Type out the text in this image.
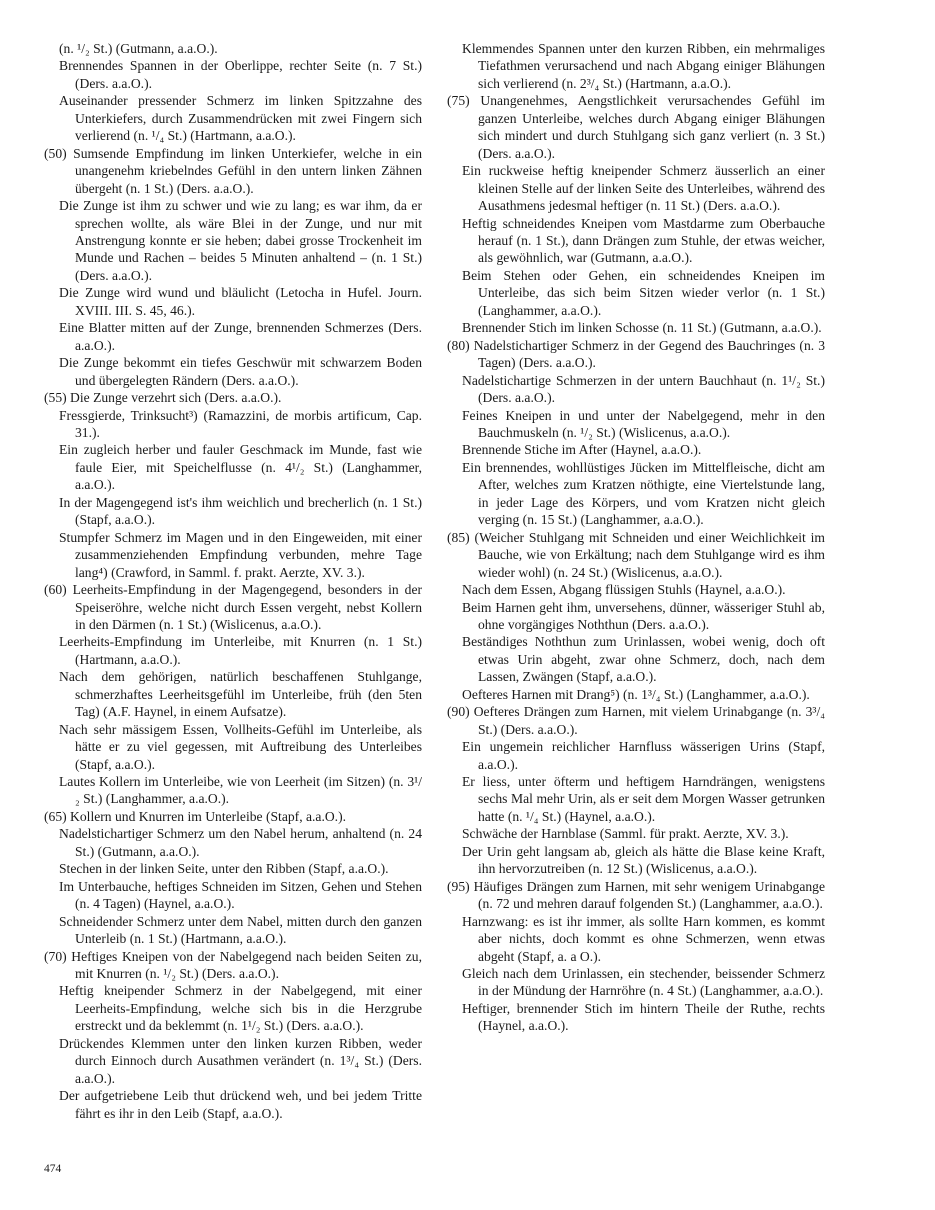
(n. ¹/₂ St.) (Gutmann, a.a.O.).
Brennendes Spannen in der Oberlippe, rechter Seite (n. 7 St.) (Ders. a.a.O.).
Auseinander pressender Schmerz im linken Spitzzahne des Unterkiefers, durch Zusammendrücken mit zwei Fingern sich verlierend (n. ¹/₄ St.) (Hartmann, a.a.O.).
(50) Sumsende Empfindung im linken Unterkiefer, welche in ein unangenehm kriebelndes Gefühl in den untern linken Zähnen übergeht (n. 1 St.) (Ders. a.a.O.).
Die Zunge ist ihm zu schwer und wie zu lang; es war ihm, da er sprechen wollte, als wäre Blei in der Zunge, und nur mit Anstrengung konnte er sie heben; dabei grosse Trockenheit im Munde und Rachen – beides 5 Minuten anhaltend – (n. 1 St.) (Ders. a.a.O.).
Die Zunge wird wund und bläulicht (Letocha in Hufel. Journ. XVIII. III. S. 45, 46.).
Eine Blatter mitten auf der Zunge, brennenden Schmerzes (Ders. a.a.O.).
Die Zunge bekommt ein tiefes Geschwür mit schwarzem Boden und übergelegten Rändern (Ders. a.a.O.).
(55) Die Zunge verzehrt sich (Ders. a.a.O.).
Fressgierde, Trinksucht³) (Ramazzini, de morbis artificum, Cap. 31.).
Ein zugleich herber und fauler Geschmack im Munde, fast wie faule Eier, mit Speichelflusse (n. 4¹/₂ St.) (Langhammer, a.a.O.).
In der Magengegend ist's ihm weichlich und brecherlich (n. 1 St.) (Stapf, a.a.O.).
Stumpfer Schmerz im Magen und in den Eingeweiden, mit einer zusammenziehenden Empfindung verbunden, mehre Tage lang⁴) (Crawford, in Samml. f. prakt. Aerzte, XV. 3.).
(60) Leerheits-Empfindung in der Magengegend, besonders in der Speiseröhre, welche nicht durch Essen vergeht, nebst Kollern in den Därmen (n. 1 St.) (Wislicenus, a.a.O.).
Leerheits-Empfindung im Unterleibe, mit Knurren (n. 1 St.) (Hartmann, a.a.O.).
Nach dem gehörigen, natürlich beschaffenen Stuhlgange, schmerzhaftes Leerheitsgefühl im Unterleibe, früh (den 5ten Tag) (A.F. Haynel, in einem Aufsatze).
Nach sehr mässigem Essen, Vollheits-Gefühl im Unterleibe, als hätte er zu viel gegessen, mit Auftreibung des Unterleibes (Stapf, a.a.O.).
Lautes Kollern im Unterleibe, wie von Leerheit (im Sitzen) (n. 3¹/₂ St.) (Langhammer, a.a.O.).
(65) Kollern und Knurren im Unterleibe (Stapf, a.a.O.).
Nadelstichartiger Schmerz um den Nabel herum, anhaltend (n. 24 St.) (Gutmann, a.a.O.).
Stechen in der linken Seite, unter den Ribben (Stapf, a.a.O.).
Im Unterbauche, heftiges Schneiden im Sitzen, Gehen und Stehen (n. 4 Tagen) (Haynel, a.a.O.).
Schneidender Schmerz unter dem Nabel, mitten durch den ganzen Unterleib (n. 1 St.) (Hartmann, a.a.O.).
(70) Heftiges Kneipen von der Nabelgegend nach beiden Seiten zu, mit Knurren (n. ¹/₂ St.) (Ders. a.a.O.).
Heftig kneipender Schmerz in der Nabelgegend, mit einer Leerheits-Empfindung, welche sich bis in die Herzgrube erstreckt und da beklemmt (n. 1¹/₂ St.) (Ders. a.a.O.).
Drückendes Klemmen unter den linken kurzen Ribben, weder durch Einnoch durch Ausathmen verändert (n. 1³/₄ St.) (Ders. a.a.O.).
Der aufgetriebene Leib thut drückend weh, und bei jedem Tritte fährt es ihr in den Leib (Stapf, a.a.O.).
Klemmendes Spannen unter den kurzen Ribben, ein mehrmaliges Tiefathmen verursachend und nach Abgang einiger Blähungen sich verlierend (n. 2³/₄ St.) (Hartmann, a.a.O.).
(75) Unangenehmes, Aengstlichkeit verursachendes Gefühl im ganzen Unterleibe, welches durch Abgang einiger Blähungen sich mindert und durch Stuhlgang sich ganz verliert (n. 3 St.) (Ders. a.a.O.).
Ein ruckweise heftig kneipender Schmerz äusserlich an einer kleinen Stelle auf der linken Seite des Unterleibes, während des Ausathmens jedesmal heftiger (n. 11 St.) (Ders. a.a.O.).
Heftig schneidendes Kneipen vom Mastdarme zum Oberbauche herauf (n. 1 St.), dann Drängen zum Stuhle, der etwas weicher, als gewöhnlich, war (Gutmann, a.a.O.).
Beim Stehen oder Gehen, ein schneidendes Kneipen im Unterleibe, das sich beim Sitzen wieder verlor (n. 1 St.) (Langhammer, a.a.O.).
Brennender Stich im linken Schosse (n. 11 St.) (Gutmann, a.a.O.).
(80) Nadelstichartiger Schmerz in der Gegend des Bauchringes (n. 3 Tagen) (Ders. a.a.O.).
Nadelstichartige Schmerzen in der untern Bauchhaut (n. 1¹/₂ St.) (Ders. a.a.O.).
Feines Kneipen in und unter der Nabelgegend, mehr in den Bauchmuskeln (n. ¹/₂ St.) (Wislicenus, a.a.O.).
Brennende Stiche im After (Haynel, a.a.O.).
Ein brennendes, wohllüstiges Jücken im Mittelfleische, dicht am After, welches zum Kratzen nöthigte, eine Viertelstunde lang, in jeder Lage des Körpers, und vom Kratzen nicht gleich verging (n. 15 St.) (Langhammer, a.a.O.).
(85) (Weicher Stuhlgang mit Schneiden und einer Weichlichkeit im Bauche, wie von Erkältung; nach dem Stuhlgange wird es ihm wieder wohl) (n. 24 St.) (Wislicenus, a.a.O.).
Nach dem Essen, Abgang flüssigen Stuhls (Haynel, a.a.O.).
Beim Harnen geht ihm, unversehens, dünner, wässeriger Stuhl ab, ohne vorgängiges Noththun (Ders. a.a.O.).
Beständiges Noththun zum Urinlassen, wobei wenig, doch oft etwas Urin abgeht, zwar ohne Schmerz, doch, nach dem Lassen, Zwängen (Stapf, a.a.O.).
Oefteres Harnen mit Drang⁵) (n. 1³/₄ St.) (Langhammer, a.a.O.).
(90) Oefteres Drängen zum Harnen, mit vielem Urinabgange (n. 3³/₄ St.) (Ders. a.a.O.).
Ein ungemein reichlicher Harnfluss wässerigen Urins (Stapf, a.a.O.).
Er liess, unter öfterm und heftigem Harndrängen, wenigstens sechs Mal mehr Urin, als er seit dem Morgen Wasser getrunken hatte (n. ¹/₄ St.) (Haynel, a.a.O.).
Schwäche der Harnblase (Samml. für prakt. Aerzte, XV. 3.).
Der Urin geht langsam ab, gleich als hätte die Blase keine Kraft, ihn hervorzutreiben (n. 12 St.) (Wislicenus, a.a.O.).
(95) Häufiges Drängen zum Harnen, mit sehr wenigem Urinabgange (n. 72 und mehren darauf folgenden St.) (Langhammer, a.a.O.).
Harnzwang: es ist ihr immer, als sollte Harn kommen, es kommt aber nichts, doch kommt es ohne Schmerzen, wenn etwas abgeht (Stapf, a. a O.).
Gleich nach dem Urinlassen, ein stechender, beissender Schmerz in der Mündung der Harnröhre (n. 4 St.) (Langhammer, a.a.O.).
Heftiger, brennender Stich im hintern Theile der Ruthe, rechts (Haynel, a.a.O.).
474
